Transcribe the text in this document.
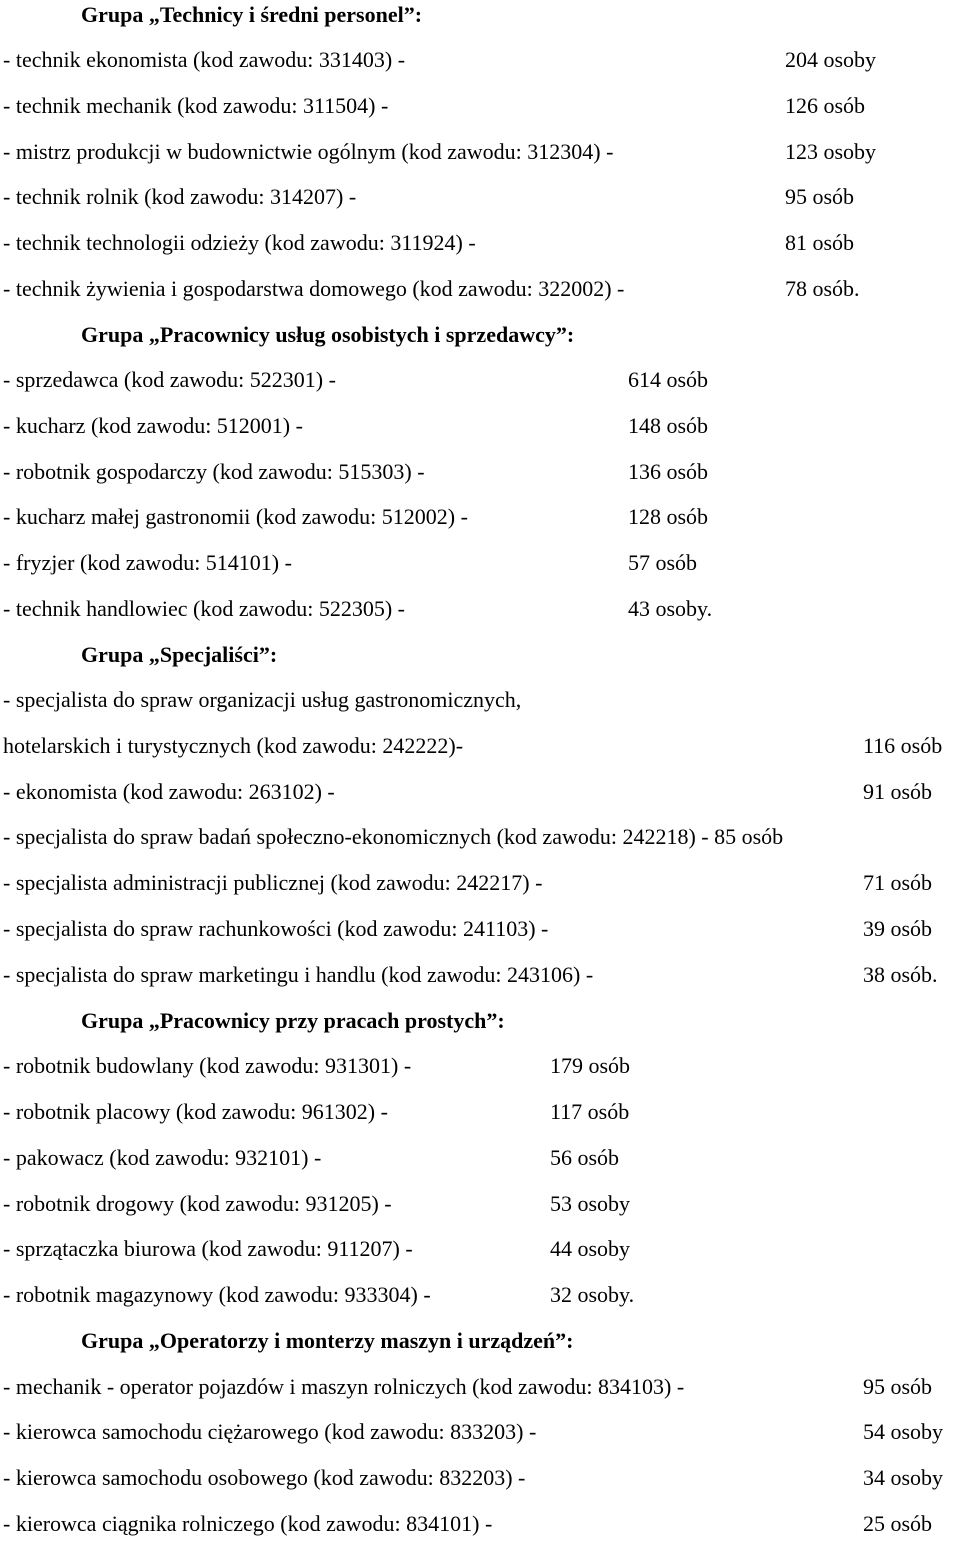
Grupa „Technicy i średni personel”:
- technik ekonomista (kod zawodu: 331403) -	204 osoby
- technik mechanik (kod zawodu: 311504) -	126 osób
- mistrz produkcji w budownictwie ogólnym (kod zawodu: 312304) -	123 osoby
- technik rolnik (kod zawodu: 314207) -	95 osób
- technik technologii odzieży (kod zawodu: 311924) -	81 osób
- technik żywienia i gospodarstwa domowego (kod zawodu: 322002) -	78 osób.
Grupa „Pracownicy usług osobistych i sprzedawcy”:
- sprzedawca (kod zawodu: 522301) -	614 osób
- kucharz (kod zawodu: 512001) -	148 osób
- robotnik gospodarczy (kod zawodu: 515303) -	136 osób
- kucharz małej gastronomii (kod zawodu: 512002) -	128 osób
- fryzjer (kod zawodu: 514101) -	57 osób
- technik handlowiec (kod zawodu: 522305) -	43 osoby.
Grupa „Specjaliści”:
- specjalista do spraw organizacji usług gastronomicznych,
hotelarskich i turystycznych (kod zawodu: 242222)-	116 osób
- ekonomista (kod zawodu: 263102) -	91 osób
- specjalista do spraw badań społeczno-ekonomicznych (kod zawodu: 242218) - 85 osób
- specjalista administracji publicznej (kod zawodu: 242217) -	71 osób
- specjalista do spraw rachunkowości (kod zawodu: 241103) -	39 osób
- specjalista do spraw marketingu i handlu (kod zawodu: 243106) -	38 osób.
Grupa „Pracownicy przy pracach prostych”:
- robotnik budowlany (kod zawodu: 931301) -	179 osób
- robotnik placowy (kod zawodu: 961302) -	117 osób
- pakowacz (kod zawodu: 932101) -	56 osób
- robotnik drogowy (kod zawodu: 931205) -	53 osoby
- sprzątaczka biurowa (kod zawodu: 911207) -	44 osoby
- robotnik magazynowy (kod zawodu: 933304) -	32 osoby.
Grupa „Operatorzy i monterzy maszyn i urządzeń”:
- mechanik - operator pojazdów i maszyn rolniczych (kod zawodu: 834103) -	95 osób
- kierowca samochodu ciężarowego (kod zawodu: 833203) -	54 osoby
- kierowca samochodu osobowego (kod zawodu: 832203) -	34 osoby
- kierowca ciągnika rolniczego (kod zawodu: 834101) -	25 osób
